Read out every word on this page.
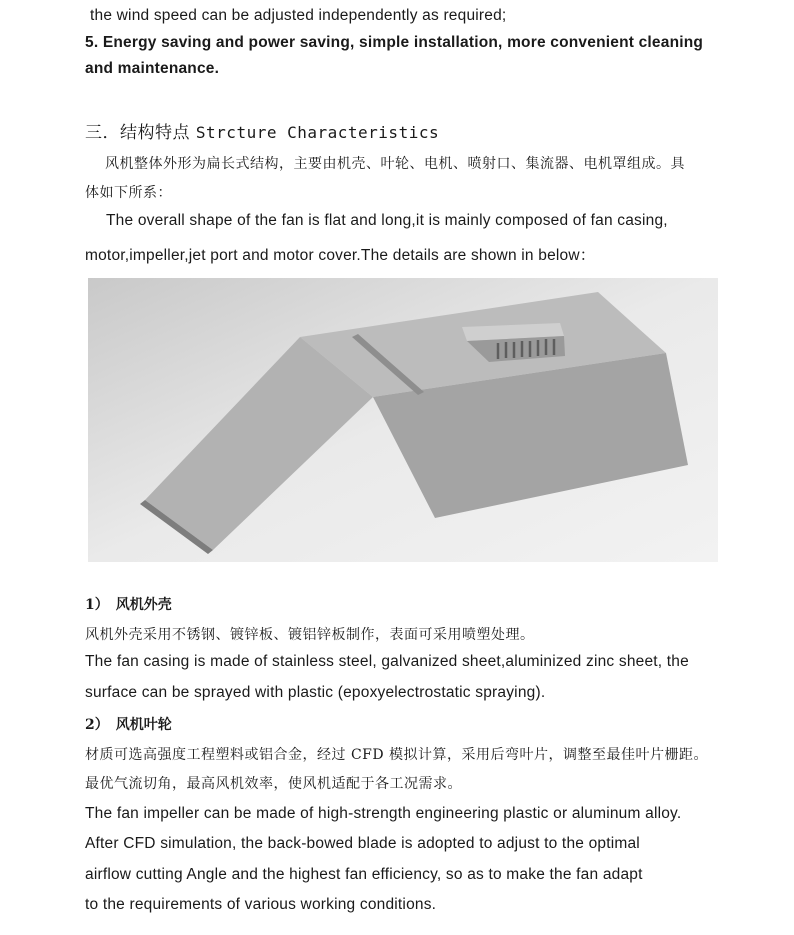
the wind speed can be adjusted independently as required;
5. Energy saving and power saving, simple installation, more convenient cleaning
and maintenance.
三．结构特点 Strcture Characteristics
风机整体外形为扁长式结构，主要由机壳、叶轮、电机、喷射口、集流器、电机罩组成。具
体如下所系：
The overall shape of the fan is flat and long,it is mainly composed of fan casing,
motor,impeller,jet port and motor cover.The details are shown in below：
1）　风机外壳
风机外壳采用不锈钢、镀锌板、镀铝锌板制作，表面可采用喷塑处理。
The fan casing is made of stainless steel, galvanized sheet,aluminized zinc sheet, the
surface can be sprayed with plastic (epoxyelectrostatic spraying).
2）　风机叶轮
材质可选高强度工程塑料或铝合金，经过 CFD 模拟计算，采用后弯叶片，调整至最佳叶片栅距。
最优气流切角，最高风机效率，使风机适配于各工况需求。
The fan impeller can be made of high-strength engineering plastic or aluminum alloy.
After CFD simulation, the back-bowed blade is adopted to adjust to the optimal
airflow cutting Angle and the highest fan efficiency, so as to make the fan adapt
to the requirements of various working conditions.
